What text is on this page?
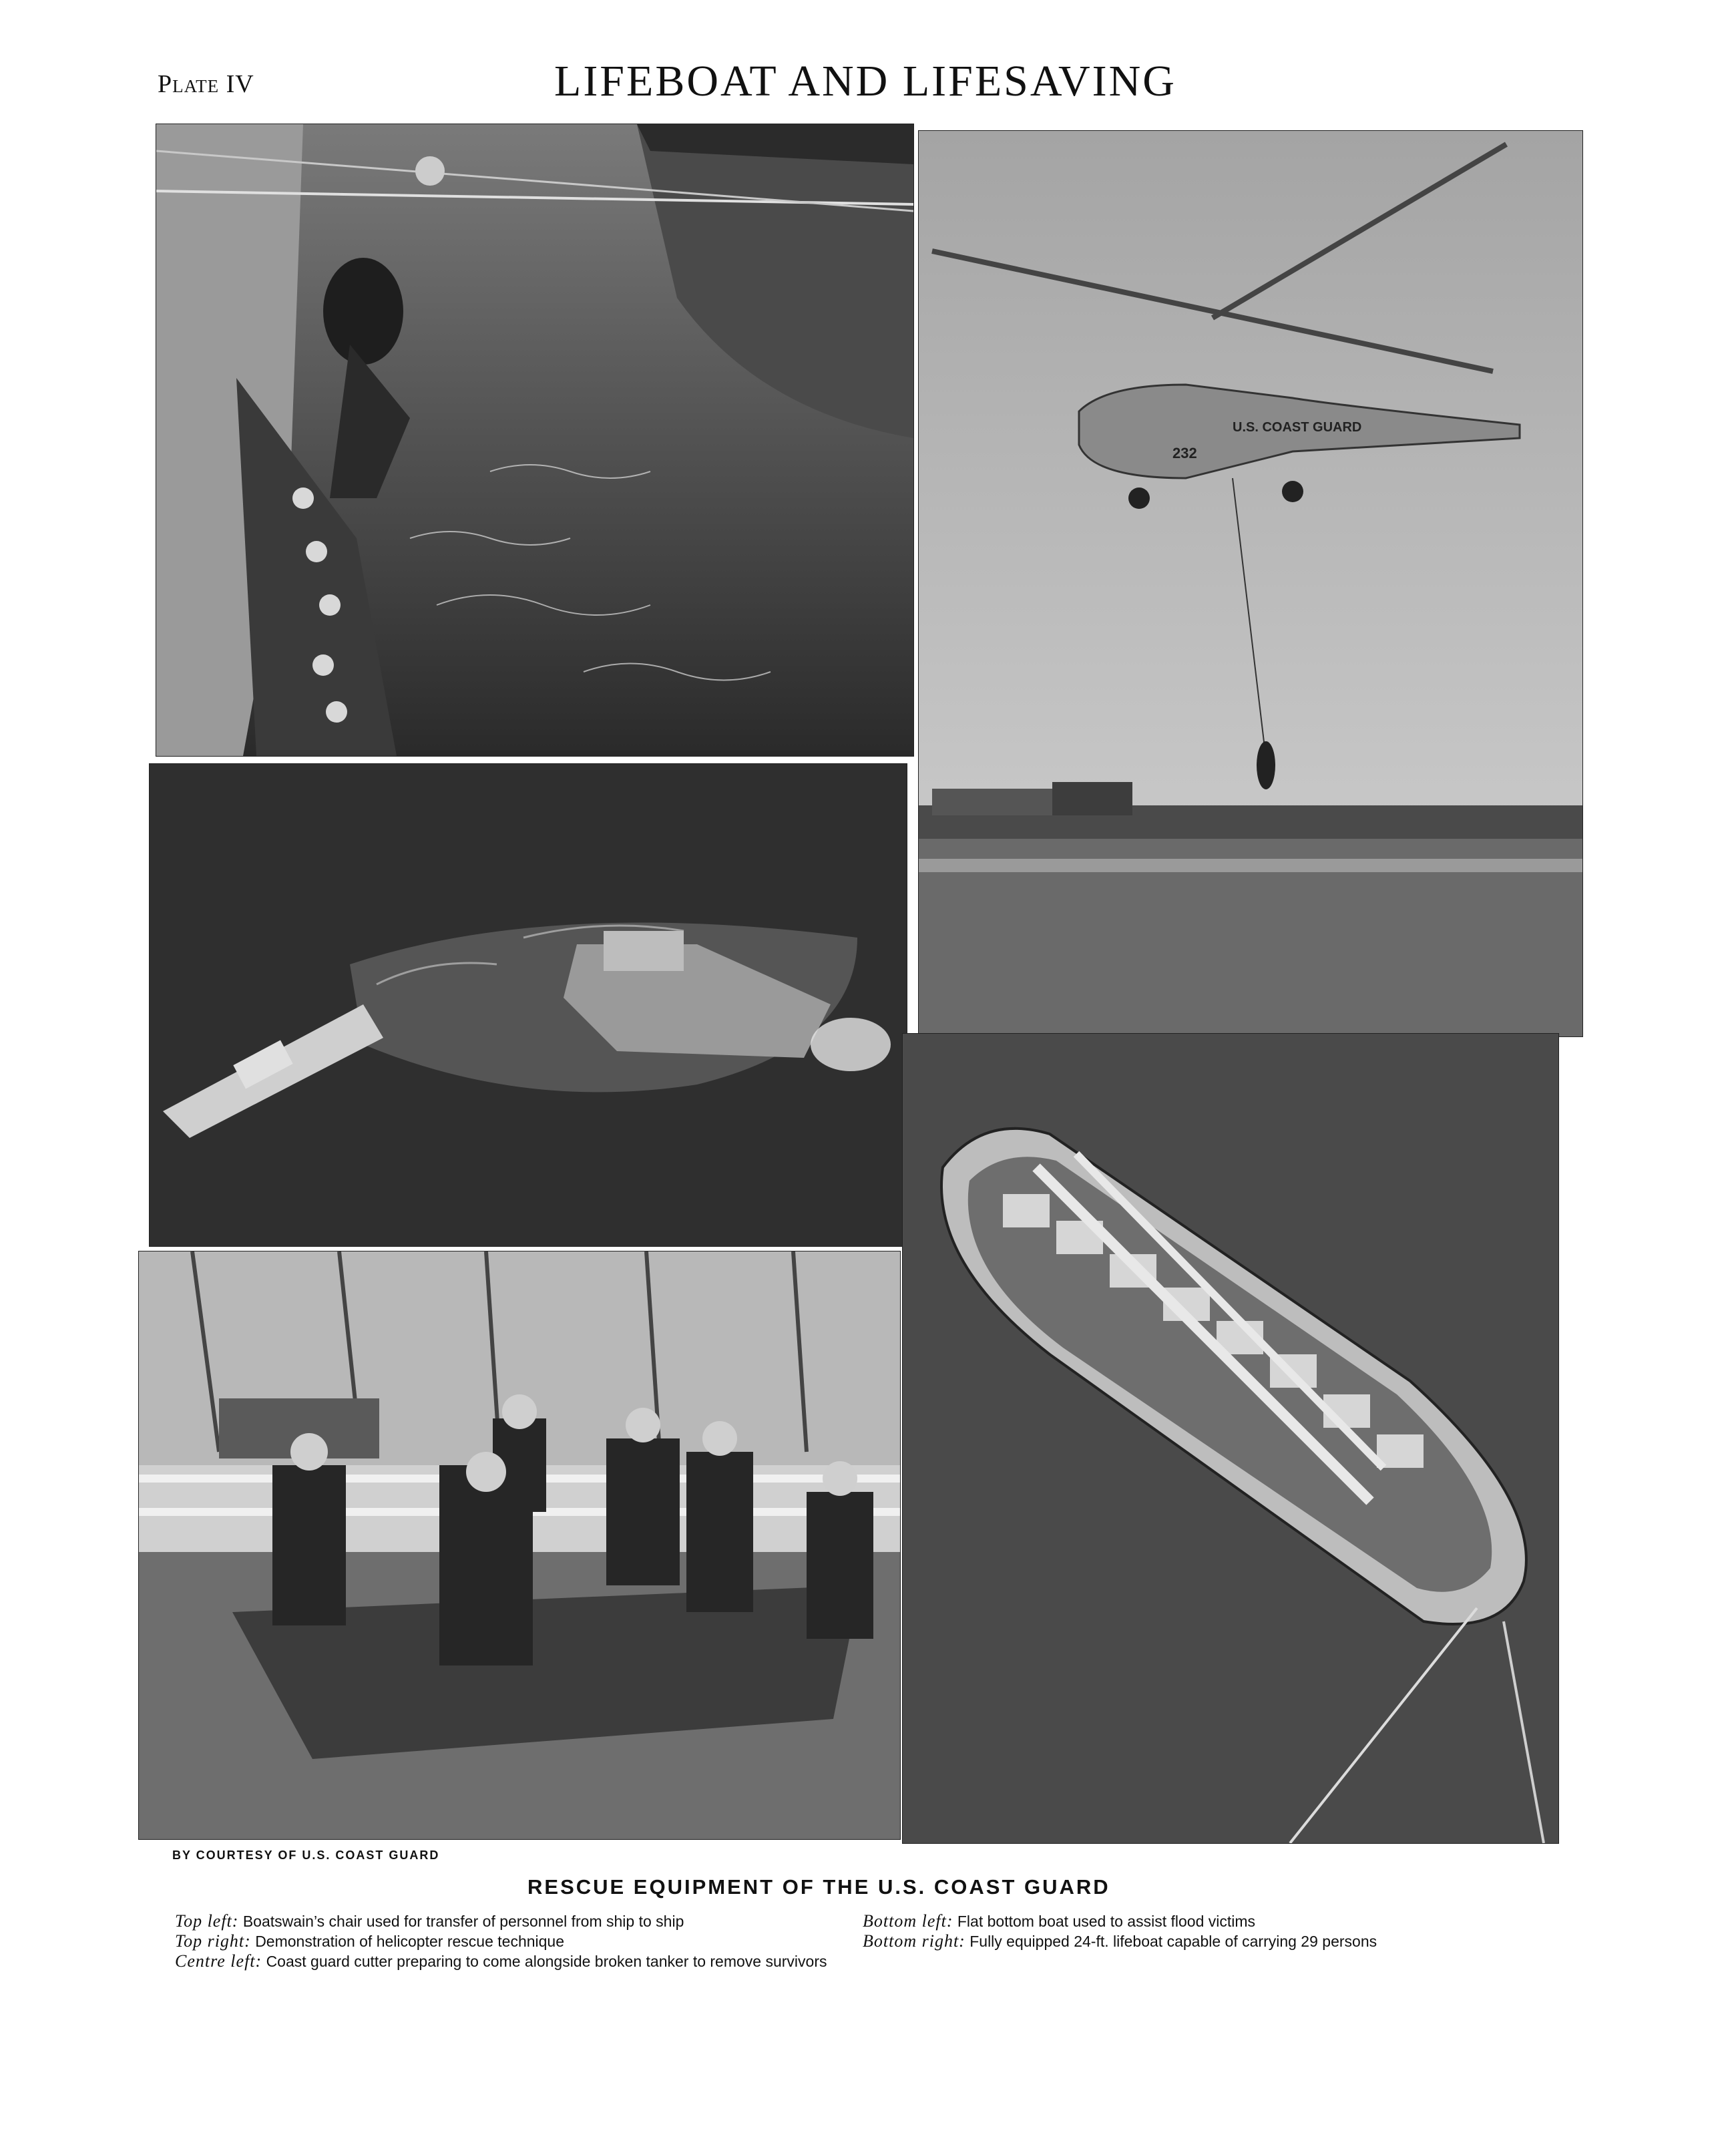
Plate IV	LIFEBOAT AND LIFESAVING
U.S. COAST GUARD
232
BY COURTESY OF U.S. COAST GUARD
RESCUE EQUIPMENT OF THE U.S. COAST GUARD
Top left: Boatswain’s chair used for transfer of personnel from ship to ship
Top right: Demonstration of helicopter rescue technique
Centre left: Coast guard cutter preparing to come alongside broken tanker to remove survivors
Bottom left: Flat bottom boat used to assist flood victims
Bottom right: Fully equipped 24-ft. lifeboat capable of carrying 29 persons
